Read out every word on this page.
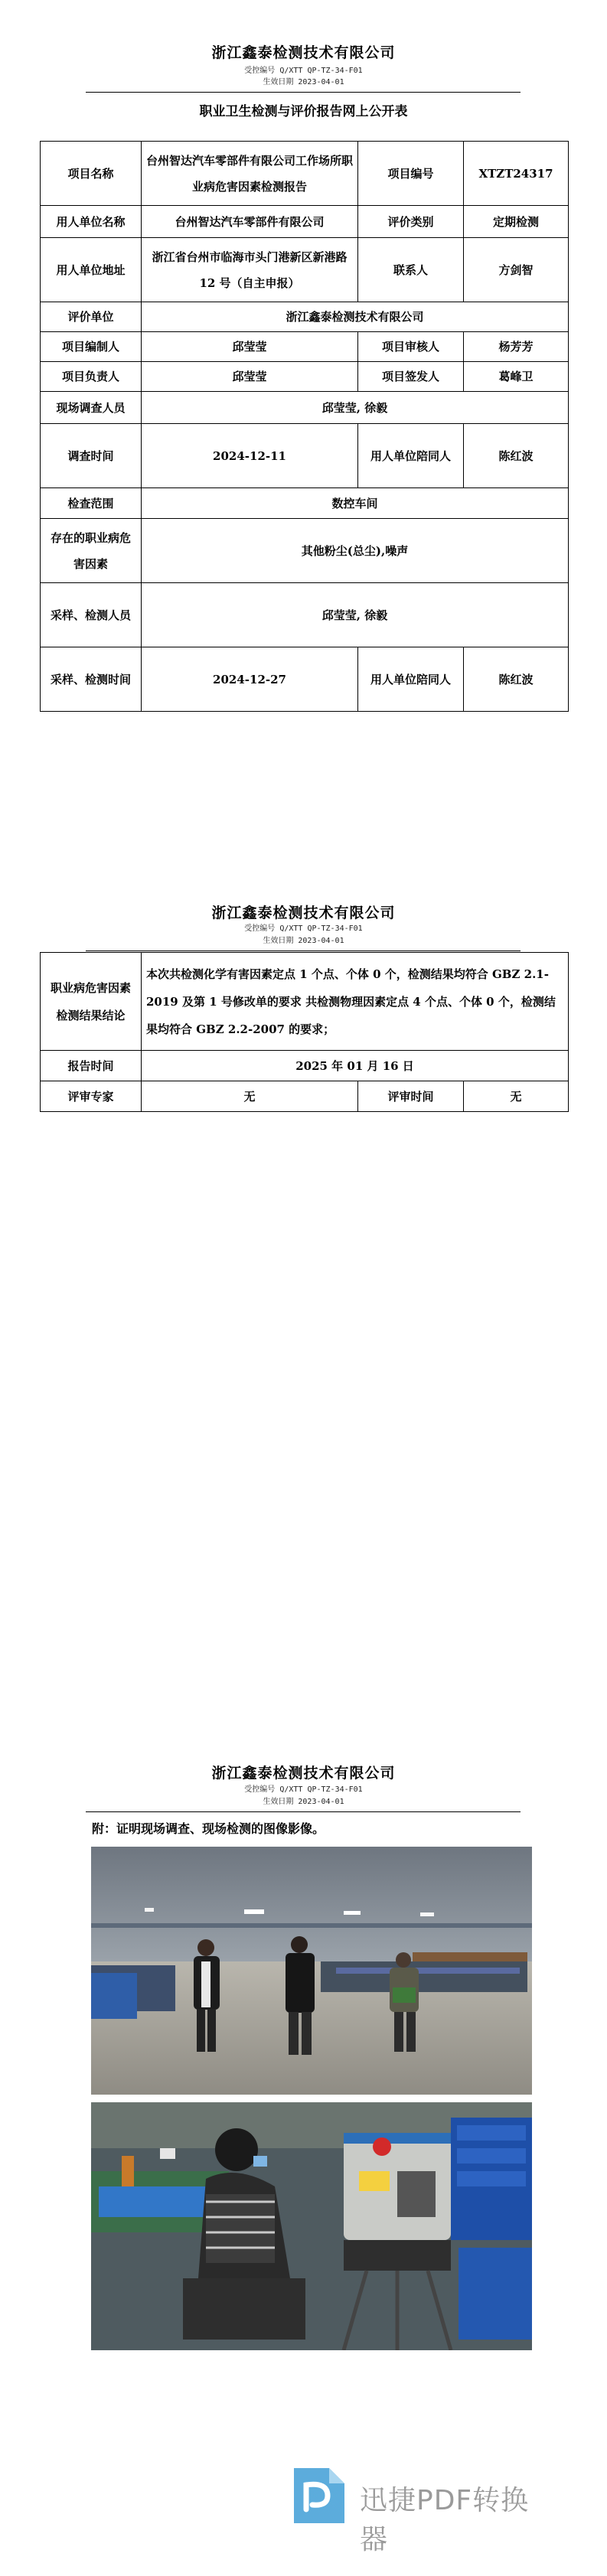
浙江鑫泰检测技术有限公司
受控编号 Q/XTT QP-TZ-34-F01
生效日期 2023-04-01
职业卫生检测与评价报告网上公开表
项目名称	台州智达汽车零部件有限公司工作场所职业病危害因素检测报告	项目编号	XTZT24317
用人单位名称	台州智达汽车零部件有限公司	评价类别	定期检测
用人单位地址	浙江省台州市临海市头门港新区新港路 12 号（自主申报）	联系人	方剑智
评价单位	浙江鑫泰检测技术有限公司		
项目编制人	邱莹莹	项目审核人	杨芳芳
项目负责人	邱莹莹	项目签发人	葛峰卫
现场调查人员	邱莹莹, 徐毅		
调查时间	2024-12-11	用人单位陪同人	陈红波
检查范围	数控车间		
存在的职业病危害因素	其他粉尘(总尘),噪声		
采样、检测人员	邱莹莹, 徐毅		
采样、检测时间	2024-12-27	用人单位陪同人	陈红波
浙江鑫泰检测技术有限公司
受控编号 Q/XTT QP-TZ-34-F01
生效日期 2023-04-01
职业病危害因素检测结果结论	本次共检测化学有害因素定点 1 个点、个体 0 个，检测结果均符合 GBZ 2.1-2019 及第 1 号修改单的要求 共检测物理因素定点 4 个点、个体 0 个，检测结果均符合 GBZ 2.2-2007 的要求；		
报告时间	2025 年 01 月 16 日		
评审专家	无	评审时间	无
浙江鑫泰检测技术有限公司
受控编号 Q/XTT QP-TZ-34-F01
生效日期 2023-04-01
附：证明现场调查、现场检测的图像影像。
迅捷PDF转换器
